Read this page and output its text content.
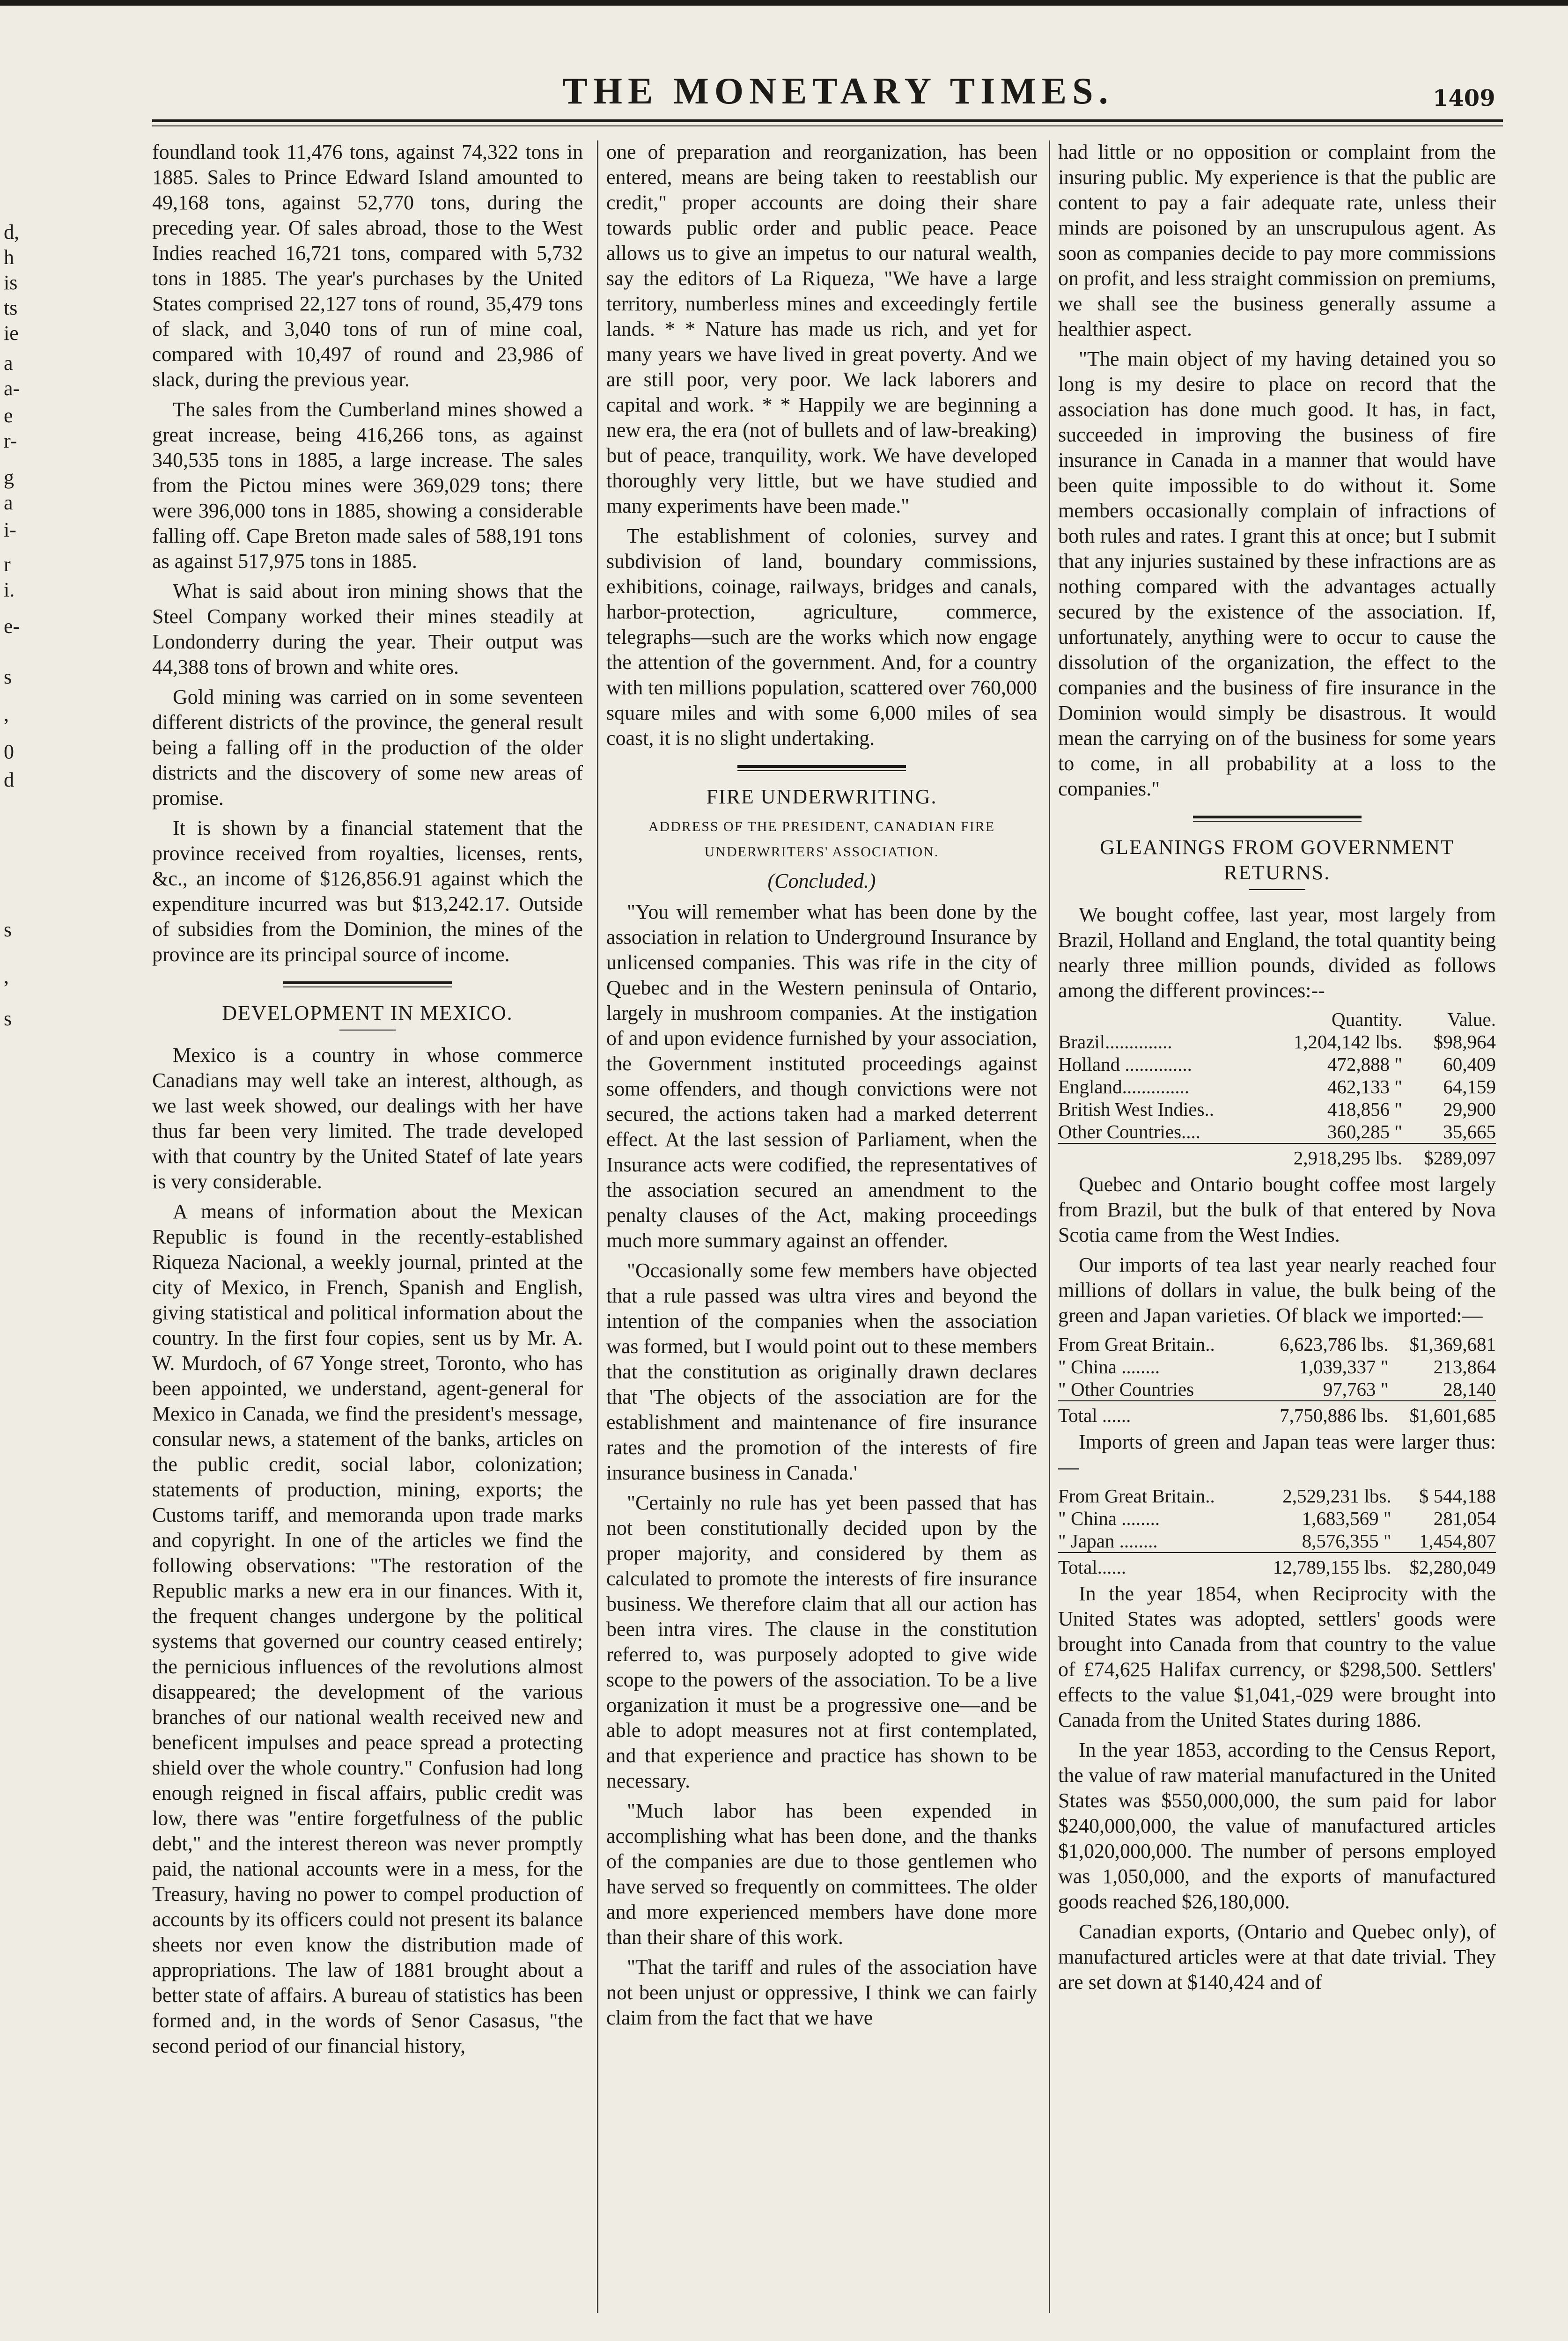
d,
h
is
ts
ie
a
a-
e
r-
g
a
i-
r
i.
e-
s
,
0
d
s
,
s
THE MONETARY TIMES.	1409

foundland took 11,476 tons, against 74,322 tons in 1885. Sales to Prince Edward Island amounted to 49,168 tons, against 52,770 tons, during the preceding year. Of sales abroad, those to the West Indies reached 16,721 tons, compared with 5,732 tons in 1885. The year's purchases by the United States comprised 22,127 tons of round, 35,479 tons of slack, and 3,040 tons of run of mine coal, compared with 10,497 of round and 23,986 of slack, during the previous year.

The sales from the Cumberland mines showed a great increase, being 416,266 tons, as against 340,535 tons in 1885, a large increase. The sales from the Pictou mines were 369,029 tons; there were 396,000 tons in 1885, showing a considerable falling off. Cape Breton made sales of 588,191 tons as against 517,975 tons in 1885.

What is said about iron mining shows that the Steel Company worked their mines steadily at Londonderry during the year. Their output was 44,388 tons of brown and white ores.

Gold mining was carried on in some seventeen different districts of the province, the general result being a falling off in the production of the older districts and the discovery of some new areas of promise.

It is shown by a financial statement that the province received from royalties, licenses, rents, &c., an income of $126,856.91 against which the expenditure incurred was but $13,242.17. Outside of subsidies from the Dominion, the mines of the province are its principal source of income.

DEVELOPMENT IN MEXICO.

Mexico is a country in whose commerce Canadians may well take an interest, although, as we last week showed, our dealings with her have thus far been very limited. The trade developed with that country by the United Statef of late years is very considerable.

A means of information about the Mexican Republic is found in the recently-established Riqueza Nacional, a weekly journal, printed at the city of Mexico, in French, Spanish and English, giving statistical and political information about the country. In the first four copies, sent us by Mr. A. W. Murdoch, of 67 Yonge street, Toronto, who has been appointed, we understand, agent-general for Mexico in Canada, we find the president's message, consular news, a statement of the banks, articles on the public credit, social labor, colonization; statements of production, mining, exports; the Customs tariff, and memoranda upon trade marks and copyright. In one of the articles we find the following observations: "The restoration of the Republic marks a new era in our finances. With it, the frequent changes undergone by the political systems that governed our country ceased entirely; the pernicious influences of the revolutions almost disappeared; the development of the various branches of our national wealth received new and beneficent impulses and peace spread a protecting shield over the whole country." Confusion had long enough reigned in fiscal affairs, public credit was low, there was "entire forgetfulness of the public debt," and the interest thereon was never promptly paid, the national accounts were in a mess, for the Treasury, having no power to compel production of accounts by its officers could not present its balance sheets nor even know the distribution made of appropriations. The law of 1881 brought about a better state of affairs. A bureau of statistics has been formed and, in the words of Senor Casasus, "the second period of our financial history,

one of preparation and reorganization, has been entered, means are being taken to reestablish our credit," proper accounts are doing their share towards public order and public peace. Peace allows us to give an impetus to our natural wealth, say the editors of La Riqueza, "We have a large territory, numberless mines and exceedingly fertile lands. * * Nature has made us rich, and yet for many years we have lived in great poverty. And we are still poor, very poor. We lack laborers and capital and work. * * Happily we are beginning a new era, the era (not of bullets and of law-breaking) but of peace, tranquility, work. We have developed thoroughly very little, but we have studied and many experiments have been made."

The establishment of colonies, survey and subdivision of land, boundary commissions, exhibitions, coinage, railways, bridges and canals, harbor-protection, agriculture, commerce, telegraphs—such are the works which now engage the attention of the government. And, for a country with ten millions population, scattered over 760,000 square miles and with some 6,000 miles of sea coast, it is no slight undertaking.

FIRE UNDERWRITING.
ADDRESS OF THE PRESIDENT, CANADIAN FIRE UNDERWRITERS' ASSOCIATION.
(Concluded.)

"You will remember what has been done by the association in relation to Underground Insurance by unlicensed companies. This was rife in the city of Quebec and in the Western peninsula of Ontario, largely in mushroom companies. At the instigation of and upon evidence furnished by your association, the Government instituted proceedings against some offenders, and though convictions were not secured, the actions taken had a marked deterrent effect. At the last session of Parliament, when the Insurance acts were codified, the representatives of the association secured an amendment to the penalty clauses of the Act, making proceedings much more summary against an offender.

"Occasionally some few members have objected that a rule passed was ultra vires and beyond the intention of the companies when the association was formed, but I would point out to these members that the constitution as originally drawn declares that 'The objects of the association are for the establishment and maintenance of fire insurance rates and the promotion of the interests of fire insurance business in Canada.'

"Certainly no rule has yet been passed that has not been constitutionally decided upon by the proper majority, and considered by them as calculated to promote the interests of fire insurance business. We therefore claim that all our action has been intra vires. The clause in the constitution referred to, was purposely adopted to give wide scope to the powers of the association. To be a live organization it must be a progressive one—and be able to adopt measures not at first contemplated, and that experience and practice has shown to be necessary.

"Much labor has been expended in accomplishing what has been done, and the thanks of the companies are due to those gentlemen who have served so frequently on committees. The older and more experienced members have done more than their share of this work.

"That the tariff and rules of the association have not been unjust or oppressive, I think we can fairly claim from the fact that we have

had little or no opposition or complaint from the insuring public. My experience is that the public are content to pay a fair adequate rate, unless their minds are poisoned by an unscrupulous agent. As soon as companies decide to pay more commissions on profit, and less straight commission on premiums, we shall see the business generally assume a healthier aspect.

"The main object of my having detained you so long is my desire to place on record that the association has done much good. It has, in fact, succeeded in improving the business of fire insurance in Canada in a manner that would have been quite impossible to do without it. Some members occasionally complain of infractions of both rules and rates. I grant this at once; but I submit that any injuries sustained by these infractions are as nothing compared with the advantages actually secured by the existence of the association. If, unfortunately, anything were to occur to cause the dissolution of the organization, the effect to the companies and the business of fire insurance in the Dominion would simply be disastrous. It would mean the carrying on of the business for some years to come, in all probability at a loss to the companies."

GLEANINGS FROM GOVERNMENT RETURNS.

We bought coffee, last year, most largely from Brazil, Holland and England, the total quantity being nearly three million pounds, divided as follows among the different provinces:--

	Quantity.	Value.
Brazil..............	1,204,142 lbs.	$98,964
Holland ..............	472,888 "	60,409
England..............	462,133 "	64,159
British West Indies..	418,856 "	29,900
Other Countries....	360,285 "	35,665
	2,918,295 lbs.	$289,097

Quebec and Ontario bought coffee most largely from Brazil, but the bulk of that entered by Nova Scotia came from the West Indies.

Our imports of tea last year nearly reached four millions of dollars in value, the bulk being of the green and Japan varieties. Of black we imported:—

From Great Britain..	6,623,786 lbs.	$1,369,681
" China ........	1,039,337 "	213,864
" Other Countries	97,763 "	28,140
Total ......	7,750,886 lbs.	$1,601,685

Imports of green and Japan teas were larger thus:—

From Great Britain..	2,529,231 lbs.	$ 544,188
" China ........	1,683,569 "	281,054
" Japan ........	8,576,355 "	1,454,807
Total......	12,789,155 lbs.	$2,280,049

In the year 1854, when Reciprocity with the United States was adopted, settlers' goods were brought into Canada from that country to the value of £74,625 Halifax currency, or $298,500. Settlers' effects to the value $1,041,-029 were brought into Canada from the United States during 1886.

In the year 1853, according to the Census Report, the value of raw material manufactured in the United States was $550,000,000, the sum paid for labor $240,000,000, the value of manufactured articles $1,020,000,000. The number of persons employed was 1,050,000, and the exports of manufactured goods reached $26,180,000.

Canadian exports, (Ontario and Quebec only), of manufactured articles were at that date trivial. They are set down at $140,424 and of
